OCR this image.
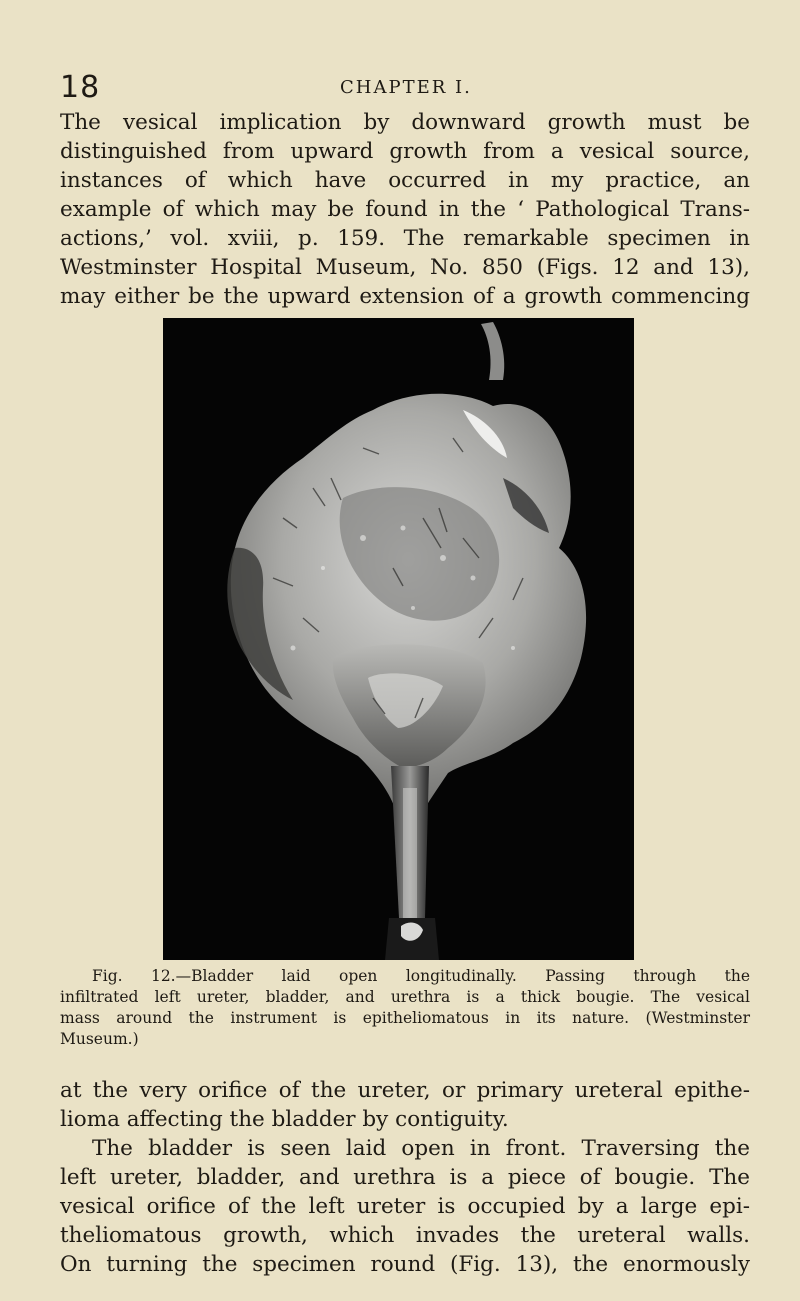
18	CHAPTER I.
The vesical implication by downward growth must be
distinguished from upward growth from a vesical source,
instances of which have occurred in my practice, an
example of which may be found in the ‘ Pathological Trans-
actions,’ vol. xviii, p. 159. The remarkable specimen in
Westminster Hospital Museum, No. 850 (Figs. 12 and 13),
may either be the upward extension of a growth commencing
Fig. 12.—Bladder laid open longitudinally. Passing through the
infiltrated left ureter, bladder, and urethra is a thick bougie. The vesical
mass around the instrument is epitheliomatous in its nature. (Westminster
Museum.)
at the very orifice of the ureter, or primary ureteral epithe-
lioma affecting the bladder by contiguity.
The bladder is seen laid open in front. Traversing the
left ureter, bladder, and urethra is a piece of bougie. The
vesical orifice of the left ureter is occupied by a large epi-
theliomatous growth, which invades the ureteral walls.
On turning the specimen round (Fig. 13), the enormously
